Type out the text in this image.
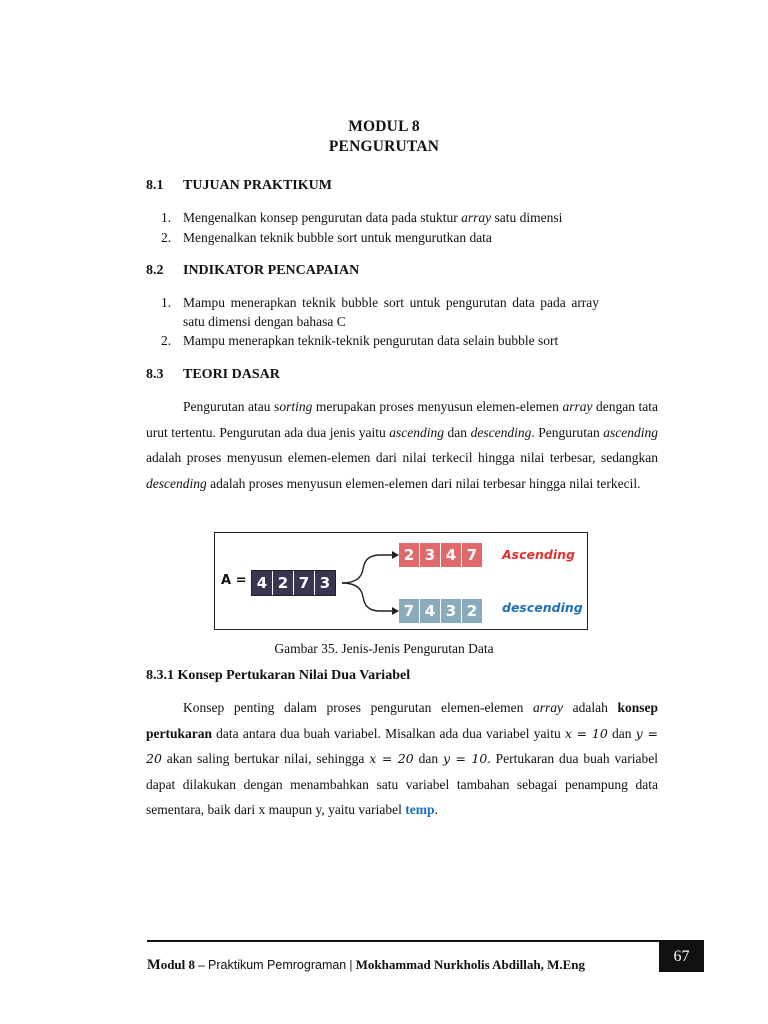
MODUL 8
PENGURUTAN
8.1 TUJUAN PRAKTIKUM
1. Mengenalkan konsep pengurutan data pada stuktur array satu dimensi
2. Mengenalkan teknik bubble sort untuk mengurutkan data
8.2 INDIKATOR PENCAPAIAN
1. Mampu menerapkan teknik bubble sort untuk pengurutan data pada array
satu dimensi dengan bahasa C
2. Mampu menerapkan teknik-teknik pengurutan data selain bubble sort
8.3 TEORI DASAR

Pengurutan atau sorting merupakan proses menyusun elemen-elemen array dengan tata urut tertentu. Pengurutan ada dua jenis yaitu ascending dan descending. Pengurutan ascending adalah proses menyusun elemen-elemen dari nilai terkecil hingga nilai terbesar, sedangkan descending adalah proses menyusun elemen-elemen dari nilai terbesar hingga nilai terkecil.

A = 4 2 7 3
2 3 4 7	Ascending
7 4 3 2	descending
Gambar 35. Jenis-Jenis Pengurutan Data
8.3.1 Konsep Pertukaran Nilai Dua Variabel

Konsep penting dalam proses pengurutan elemen-elemen array adalah konsep pertukaran data antara dua buah variabel. Misalkan ada dua variabel yaitu x = 10 dan y = 20 akan saling bertukar nilai, sehingga x = 20 dan y = 10. Pertukaran dua buah variabel dapat dilakukan dengan menambahkan satu variabel tambahan sebagai penampung data sementara, baik dari x maupun y, yaitu variabel temp.

Modul 8 – Praktikum Pemrograman | Mokhammad Nurkholis Abdillah, M.Eng	67
